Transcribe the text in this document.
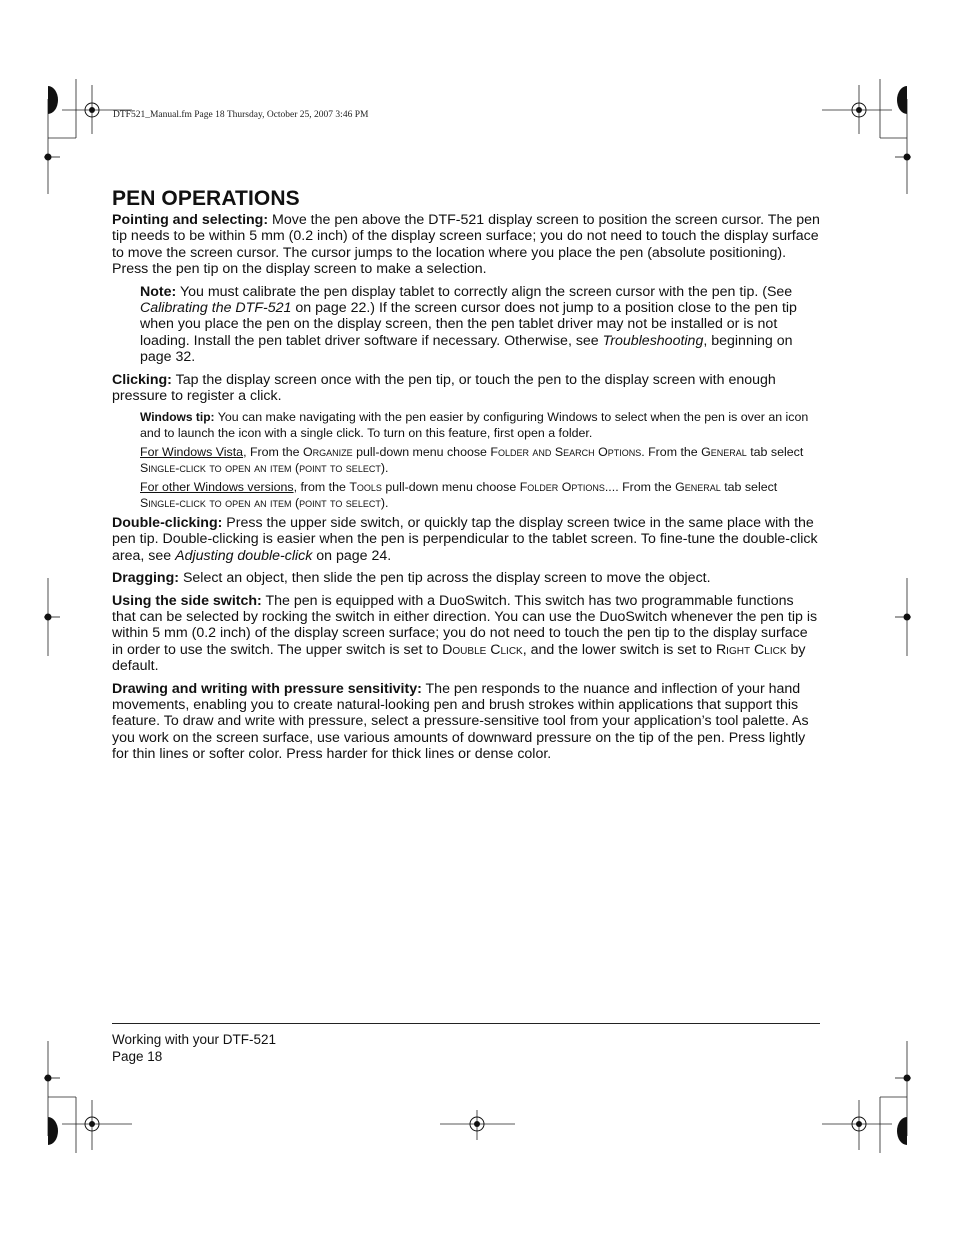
DTF521_Manual.fm Page 18 Thursday, October 25, 2007 3:46 PM
PEN OPERATIONS

Pointing and selecting: Move the pen above the DTF-521 display screen to position the screen cursor. The pen tip needs to be within 5 mm (0.2 inch) of the display screen surface; you do not need to touch the display surface to move the screen cursor. The cursor jumps to the location where you place the pen (absolute positioning). Press the pen tip on the display screen to make a selection.

Note: You must calibrate the pen display tablet to correctly align the screen cursor with the pen tip. (See Calibrating the DTF-521 on page 22.) If the screen cursor does not jump to a position close to the pen tip when you place the pen on the display screen, then the pen tablet driver may not be installed or is not loading. Install the pen tablet driver software if necessary. Otherwise, see Troubleshooting, beginning on page 32.

Clicking: Tap the display screen once with the pen tip, or touch the pen to the display screen with enough pressure to register a click.

Windows tip: You can make navigating with the pen easier by configuring Windows to select when the pen is over an icon and to launch the icon with a single click. To turn on this feature, first open a folder.

For Windows Vista, From the Organize pull-down menu choose Folder and Search Options. From the General tab select Single-click to open an item (point to select).

For other Windows versions, from the Tools pull-down menu choose Folder Options.... From the General tab select Single-click to open an item (point to select).

Double-clicking: Press the upper side switch, or quickly tap the display screen twice in the same place with the pen tip. Double-clicking is easier when the pen is perpendicular to the tablet screen. To fine-tune the double-click area, see Adjusting double-click on page 24.

Dragging: Select an object, then slide the pen tip across the display screen to move the object.

Using the side switch: The pen is equipped with a DuoSwitch. This switch has two programmable functions that can be selected by rocking the switch in either direction. You can use the DuoSwitch whenever the pen tip is within 5 mm (0.2 inch) of the display screen surface; you do not need to touch the pen tip to the display surface in order to use the switch. The upper switch is set to Double Click, and the lower switch is set to Right Click by default.

Drawing and writing with pressure sensitivity: The pen responds to the nuance and inflection of your hand movements, enabling you to create natural-looking pen and brush strokes within applications that support this feature. To draw and write with pressure, select a pressure-sensitive tool from your application’s tool palette. As you work on the screen surface, use various amounts of downward pressure on the tip of the pen. Press lightly for thin lines or softer color. Press harder for thick lines or dense color.

Working with your DTF-521
Page 18
